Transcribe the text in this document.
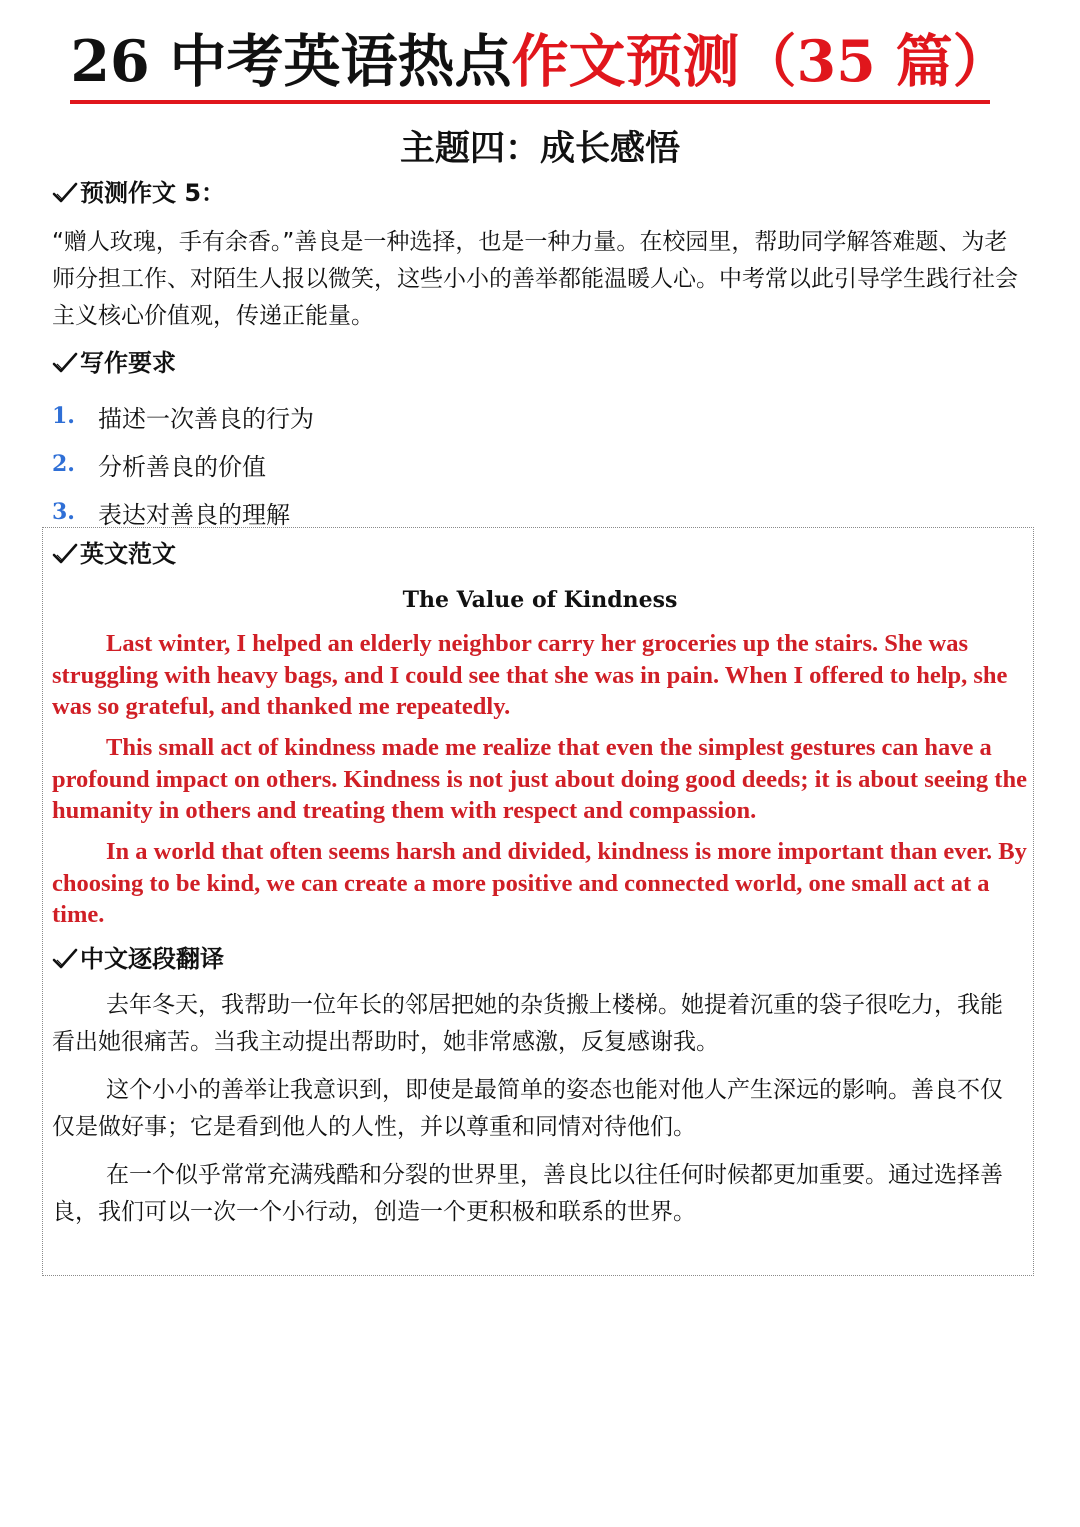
26 中考英语热点 作文预测（35 篇）
主题四：成长感悟
预测作文 5：

“赠人玫瑰，手有余香。”善良是一种选择，也是一种力量。在校园里，帮助同学解答难题、为老师分担工作、对陌生人报以微笑，这些小小的善举都能温暖人心。中考常以此引导学生践行社会主义核心价值观，传递正能量。

写作要求
1. 描述一次善良的行为
2. 分析善良的价值
3. 表达对善良的理解
英文范文
The Value of Kindness

Last winter, I helped an elderly neighbor carry her groceries up the stairs. She was struggling with heavy bags, and I could see that she was in pain. When I offered to help, she was so grateful, and thanked me repeatedly.

This small act of kindness made me realize that even the simplest gestures can have a profound impact on others. Kindness is not just about doing good deeds; it is about seeing the humanity in others and treating them with respect and compassion.

In a world that often seems harsh and divided, kindness is more important than ever. By choosing to be kind, we can create a more positive and connected world, one small act at a time.

中文逐段翻译

去年冬天，我帮助一位年长的邻居把她的杂货搬上楼梯。她提着沉重的袋子很吃力，我能看出她很痛苦。当我主动提出帮助时，她非常感激，反复感谢我。

这个小小的善举让我意识到，即使是最简单的姿态也能对他人产生深远的影响。善良不仅仅是做好事；它是看到他人的人性，并以尊重和同情对待他们。

在一个似乎常常充满残酷和分裂的世界里，善良比以往任何时候都更加重要。通过选择善良，我们可以一次一个小行动，创造一个更积极和联系的世界。
